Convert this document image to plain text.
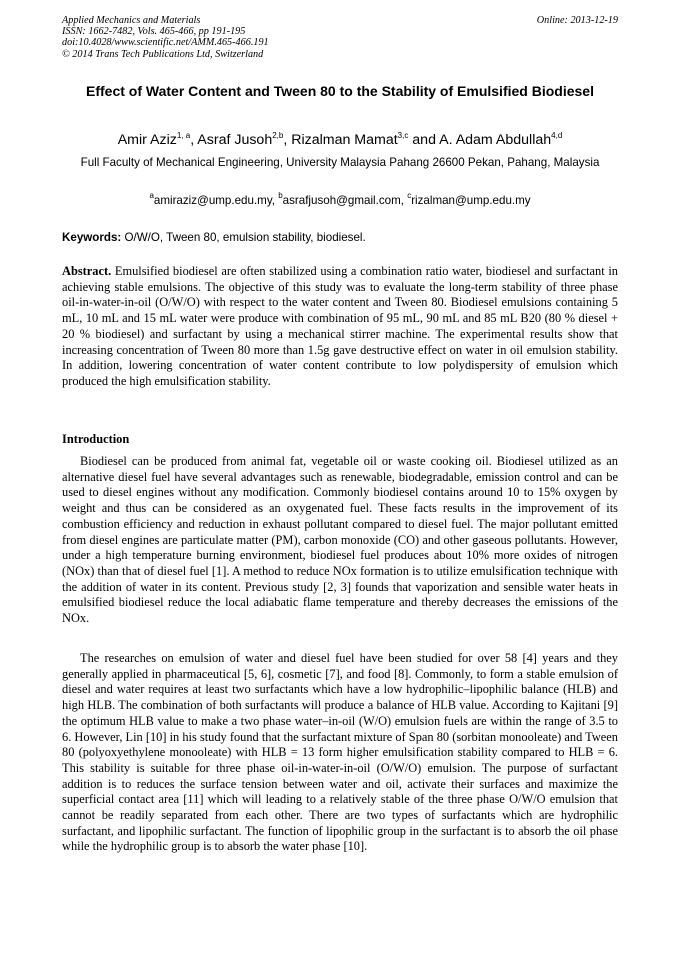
Applied Mechanics and Materials
ISSN: 1662-7482, Vols. 465-466, pp 191-195
doi:10.4028/www.scientific.net/AMM.465-466.191
© 2014 Trans Tech Publications Ltd, Switzerland
Online: 2013-12-19
Effect of Water Content and Tween 80 to the Stability of Emulsified Biodiesel
Amir Aziz$^{1, a}$, Asraf Jusoh$^{2,b}$, Rizalman Mamat$^{3,c}$ and A. Adam Abdullah$^{4,d}$
Full Faculty of Mechanical Engineering, University Malaysia Pahang 26600 Pekan, Pahang, Malaysia
$^a$amiraziz@ump.edu.my, $^b$asrafjusoh@gmail.com, $^c$rizalman@ump.edu.my
Keywords: O/W/O, Tween 80, emulsion stability, biodiesel.
Abstract. Emulsified biodiesel are often stabilized using a combination ratio water, biodiesel and surfactant in achieving stable emulsions. The objective of this study was to evaluate the long-term stability of three phase oil-in-water-in-oil (O/W/O) with respect to the water content and Tween 80. Biodiesel emulsions containing 5 mL, 10 mL and 15 mL water were produce with combination of 95 mL, 90 mL and 85 mL B20 (80 % diesel + 20 % biodiesel) and surfactant by using a mechanical stirrer machine. The experimental results show that increasing concentration of Tween 80 more than 1.5g gave destructive effect on water in oil emulsion stability. In addition, lowering concentration of water content contribute to low polydispersity of emulsion which produced the high emulsification stability.
Introduction

Biodiesel can be produced from animal fat, vegetable oil or waste cooking oil. Biodiesel utilized as an alternative diesel fuel have several advantages such as renewable, biodegradable, emission control and can be used to diesel engines without any modification. Commonly biodiesel contains around 10 to 15% oxygen by weight and thus can be considered as an oxygenated fuel. These facts results in the improvement of its combustion efficiency and reduction in exhaust pollutant compared to diesel fuel. The major pollutant emitted from diesel engines are particulate matter (PM), carbon monoxide (CO) and other gaseous pollutants. However, under a high temperature burning environment, biodiesel fuel produces about 10% more oxides of nitrogen (NOx) than that of diesel fuel [1]. A method to reduce NOx formation is to utilize emulsification technique with the addition of water in its content. Previous study [2, 3] founds that vaporization and sensible water heats in emulsified biodiesel reduce the local adiabatic flame temperature and thereby decreases the emissions of the NOx.

The researches on emulsion of water and diesel fuel have been studied for over 58 [4] years and they generally applied in pharmaceutical [5, 6], cosmetic [7], and food [8]. Commonly, to form a stable emulsion of diesel and water requires at least two surfactants which have a low hydrophilic–lipophilic balance (HLB) and high HLB. The combination of both surfactants will produce a balance of HLB value. According to Kajitani [9] the optimum HLB value to make a two phase water–in-oil (W/O) emulsion fuels are within the range of 3.5 to 6. However, Lin [10] in his study found that the surfactant mixture of Span 80 (sorbitan monooleate) and Tween 80 (polyoxyethylene monooleate) with HLB = 13 form higher emulsification stability compared to HLB = 6. This stability is suitable for three phase oil-in-water-in-oil (O/W/O) emulsion. The purpose of surfactant addition is to reduces the surface tension between water and oil, activate their surfaces and maximize the superficial contact area [11] which will leading to a relatively stable of the three phase O/W/O emulsion that cannot be readily separated from each other. There are two types of surfactants which are hydrophilic surfactant, and lipophilic surfactant. The function of lipophilic group in the surfactant is to absorb the oil phase while the hydrophilic group is to absorb the water phase [10].
